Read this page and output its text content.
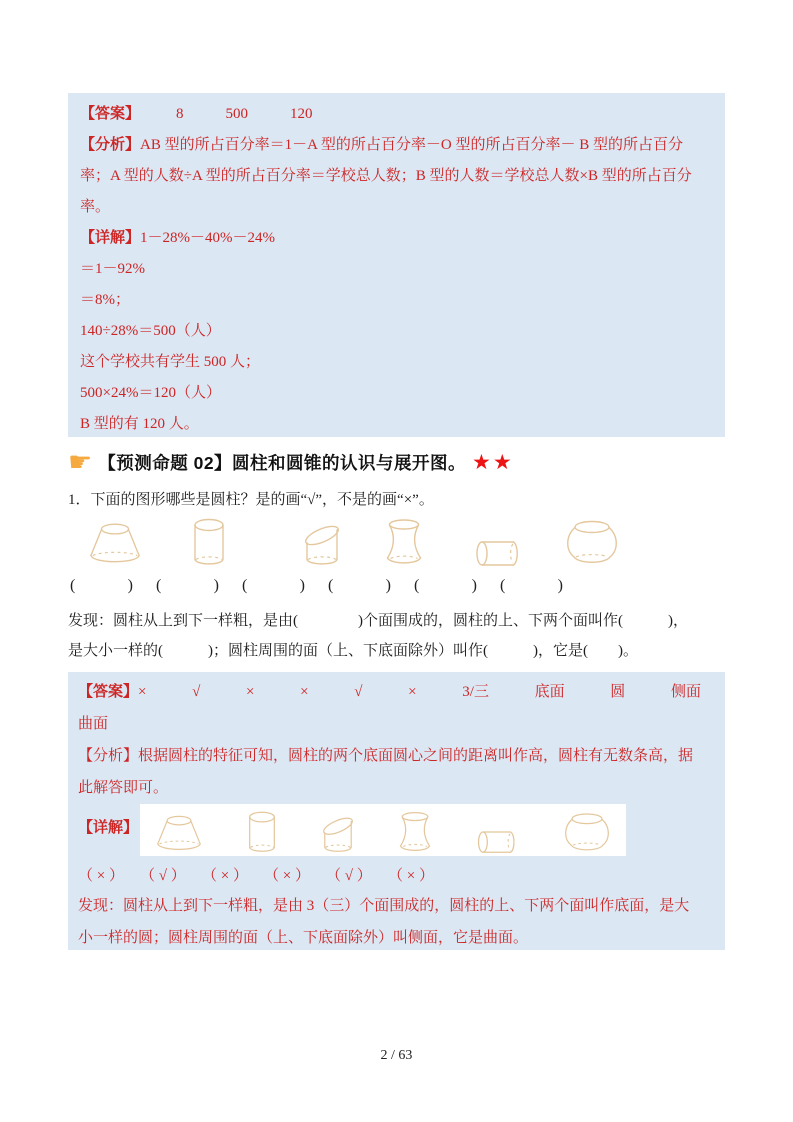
【答案】 8	500	120
【分析】AB 型的所占百分率＝1－A 型的所占百分率－O 型的所占百分率－ B 型的所占百分
率；A 型的人数÷A 型的所占百分率＝学校总人数；B 型的人数＝学校总人数×B 型的所占百分
率。
【详解】1－28%－40%－24%
＝1－92%
＝8%；
140÷28%＝500（人）
这个学校共有学生 500 人；
500×24%＝120（人）
B 型的有 120 人。
☛ 【预测命题 02】圆柱和圆锥的认识与展开图。 ★★
1．下面的图形哪些是圆柱？是的画“√”，不是的画“×”。
(	) (	) (	) (	) (	) (	)
发现：圆柱从上到下一样粗，是由(　　　　)个面围成的，圆柱的上、下两个面叫作(　　　)，
是大小一样的(　　　)；圆柱周围的面（上、下底面除外）叫作(　　　)，它是(　　)。
【答案】 ×	√	×	×	√	×	3/三	底面	圆	侧面
曲面
【分析】根据圆柱的特征可知，圆柱的两个底面圆心之间的距离叫作高，圆柱有无数条高，据
此解答即可。
【详解】
（ × ） （ √ ） （ × ） （ × ） （ √ ） （ × ）
发现：圆柱从上到下一样粗，是由 3（三）个面围成的，圆柱的上、下两个面叫作底面，是大
小一样的圆；圆柱周围的面（上、下底面除外）叫侧面，它是曲面。
2 / 63
